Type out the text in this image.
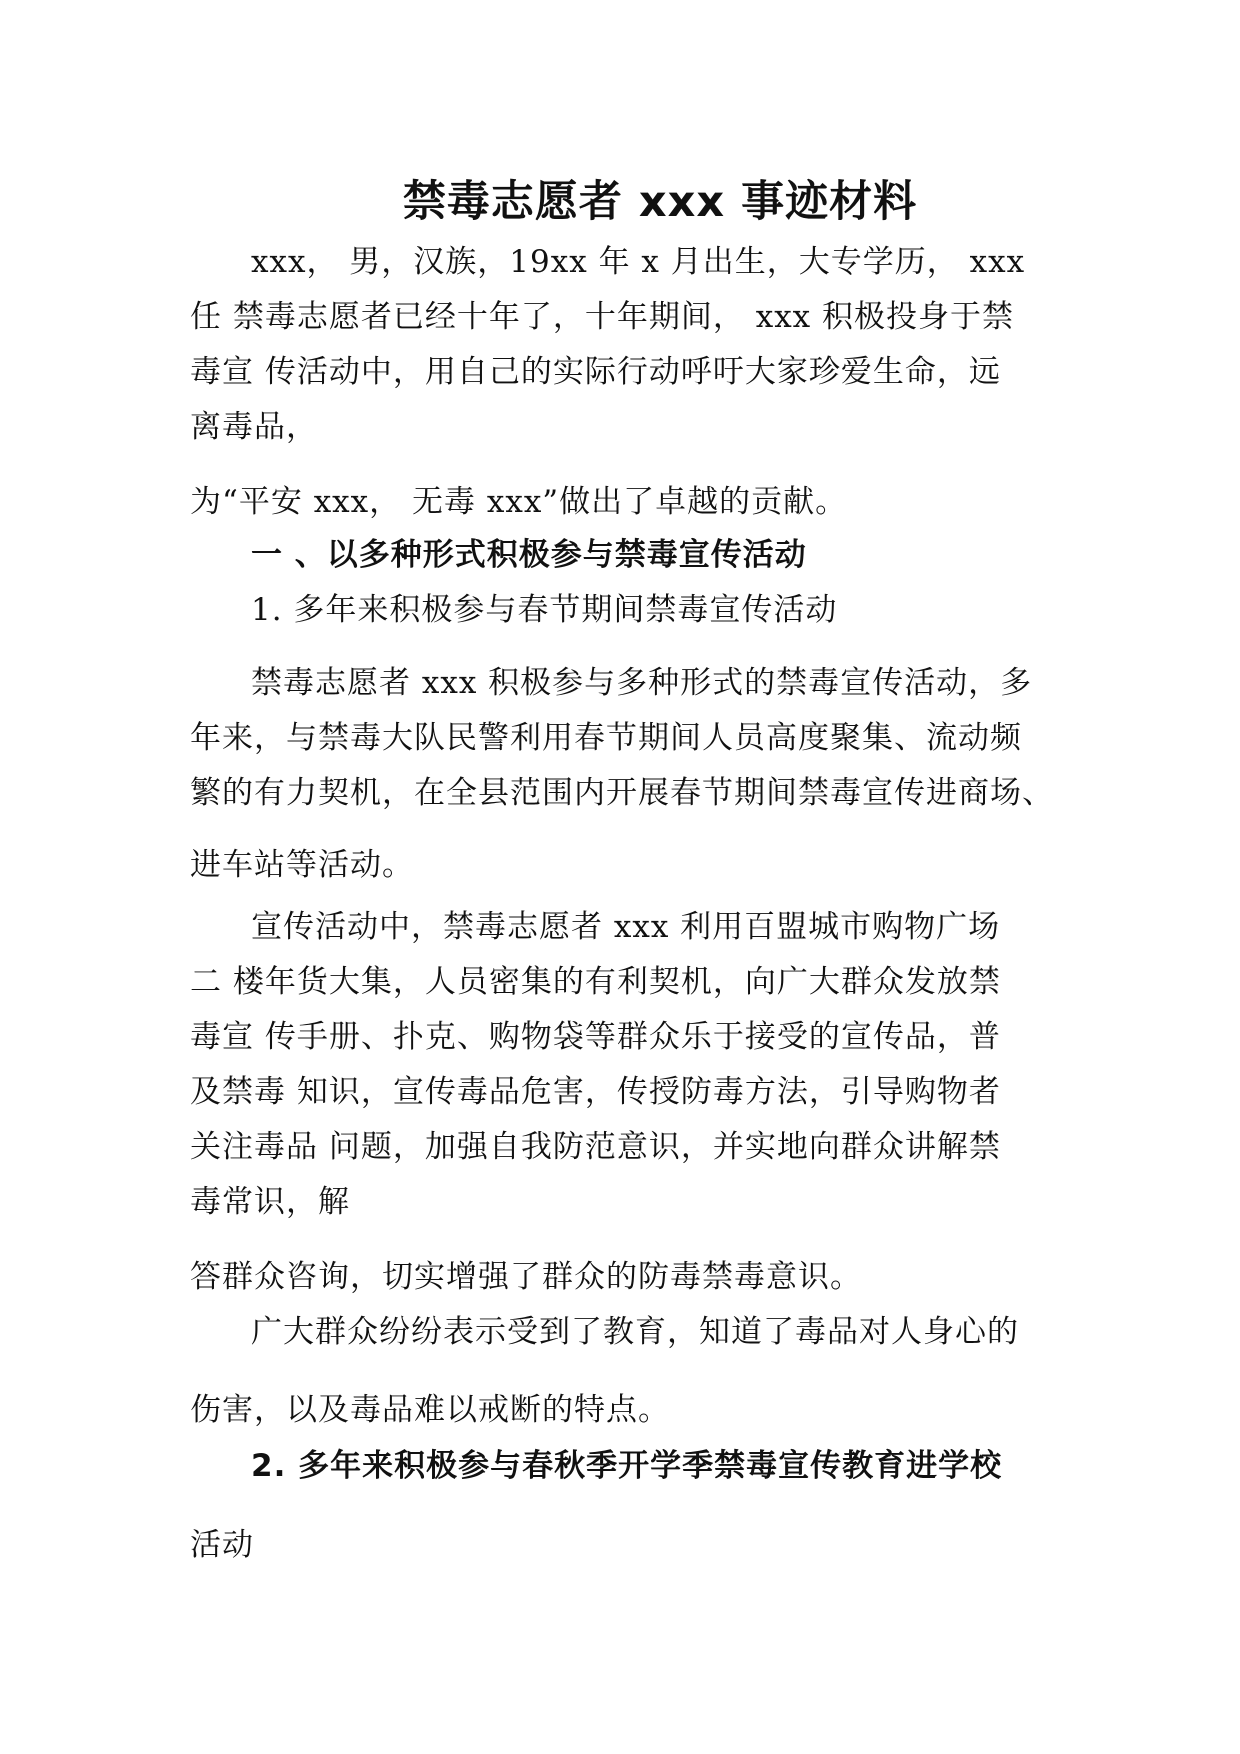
禁毒志愿者 xxx 事迹材料
xxx， 男，汉族，19xx 年 x 月出生，大专学历， xxx
任 禁毒志愿者已经十年了，十年期间， xxx 积极投身于禁
毒宣 传活动中，用自己的实际行动呼吁大家珍爱生命，远
离毒品，
为“平安 xxx， 无毒 xxx”做出了卓越的贡献。
一 、以多种形式积极参与禁毒宣传活动
1. 多年来积极参与春节期间禁毒宣传活动
禁毒志愿者 xxx 积极参与多种形式的禁毒宣传活动，多
年来，与禁毒大队民警利用春节期间人员高度聚集、流动频
繁的有力契机，在全县范围内开展春节期间禁毒宣传进商场、
进车站等活动。
宣传活动中，禁毒志愿者 xxx 利用百盟城市购物广场
二 楼年货大集，人员密集的有利契机，向广大群众发放禁
毒宣 传手册、扑克、购物袋等群众乐于接受的宣传品，普
及禁毒 知识，宣传毒品危害，传授防毒方法，引导购物者
关注毒品 问题，加强自我防范意识，并实地向群众讲解禁
毒常识，解
答群众咨询，切实增强了群众的防毒禁毒意识。
广大群众纷纷表示受到了教育，知道了毒品对人身心的
伤害，以及毒品难以戒断的特点。
2. 多年来积极参与春秋季开学季禁毒宣传教育进学校
活动
